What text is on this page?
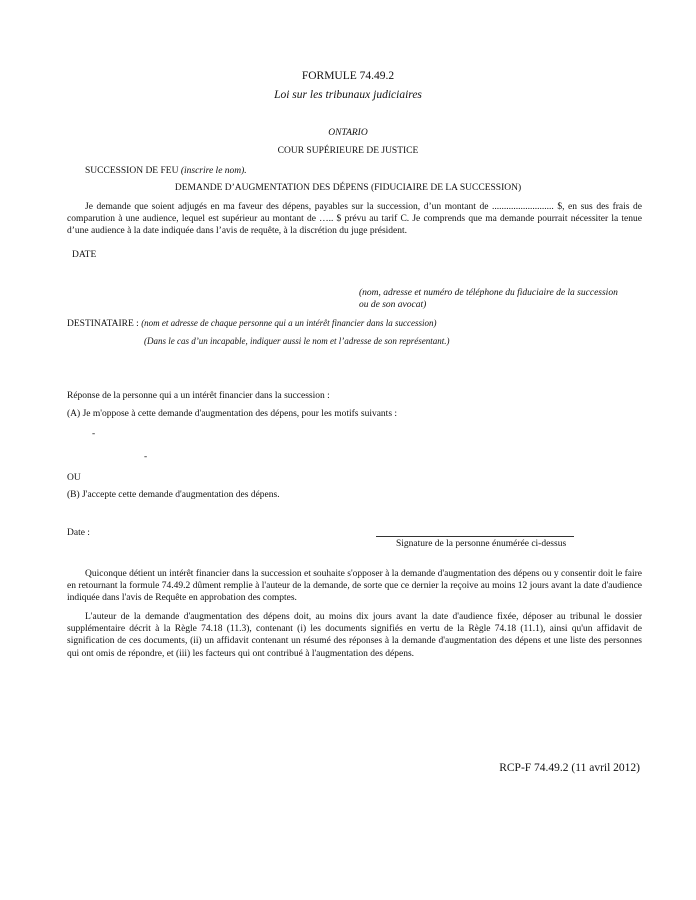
FORMULE 74.49.2
Loi sur les tribunaux judiciaires
ONTARIO
COUR SUPÉRIEURE DE JUSTICE
SUCCESSION DE FEU (inscrire le nom).
DEMANDE D’AUGMENTATION DES DÉPENS (FIDUCIAIRE DE LA SUCCESSION)
Je demande que soient adjugés en ma faveur des dépens, payables sur la succession, d’un montant de .......................... $, en sus des frais de comparution à une audience, lequel est supérieur au montant de ….. $ prévu au tarif C. Je comprends que ma demande pourrait nécessiter la tenue d’une audience à la date indiquée dans l’avis de requête, à la discrétion du juge président.
DATE
(nom, adresse et numéro de téléphone du fiduciaire de la succession
ou de son avocat)
DESTINATAIRE : (nom et adresse de chaque personne qui a un intérêt financier dans la succession)
(Dans le cas d’un incapable, indiquer aussi le nom et l’adresse de son représentant.)
Réponse de la personne qui a un intérêt financier dans la succession :
(A) Je m'oppose à cette demande d'augmentation des dépens, pour les motifs suivants :
-
-
OU
(B) J'accepte cette demande d'augmentation des dépens.
Date :
Signature de la personne énumérée ci-dessus
Quiconque détient un intérêt financier dans la succession et souhaite s'opposer à la demande d'augmentation des dépens ou y consentir doit le faire en retournant la formule 74.49.2 dûment remplie à l'auteur de la demande, de sorte que ce dernier la reçoive au moins 12 jours avant la date d'audience indiquée dans l'avis de Requête en approbation des comptes.
L'auteur de la demande d'augmentation des dépens doit, au moins dix jours avant la date d'audience fixée, déposer au tribunal le dossier supplémentaire décrit à la Règle 74.18 (11.3), contenant (i) les documents signifiés en vertu de la Règle 74.18 (11.1), ainsi qu'un affidavit de signification de ces documents, (ii) un affidavit contenant un résumé des réponses à la demande d'augmentation des dépens et une liste des personnes qui ont omis de répondre, et (iii) les facteurs qui ont contribué à l'augmentation des dépens.
RCP-F 74.49.2 (11 avril 2012)
